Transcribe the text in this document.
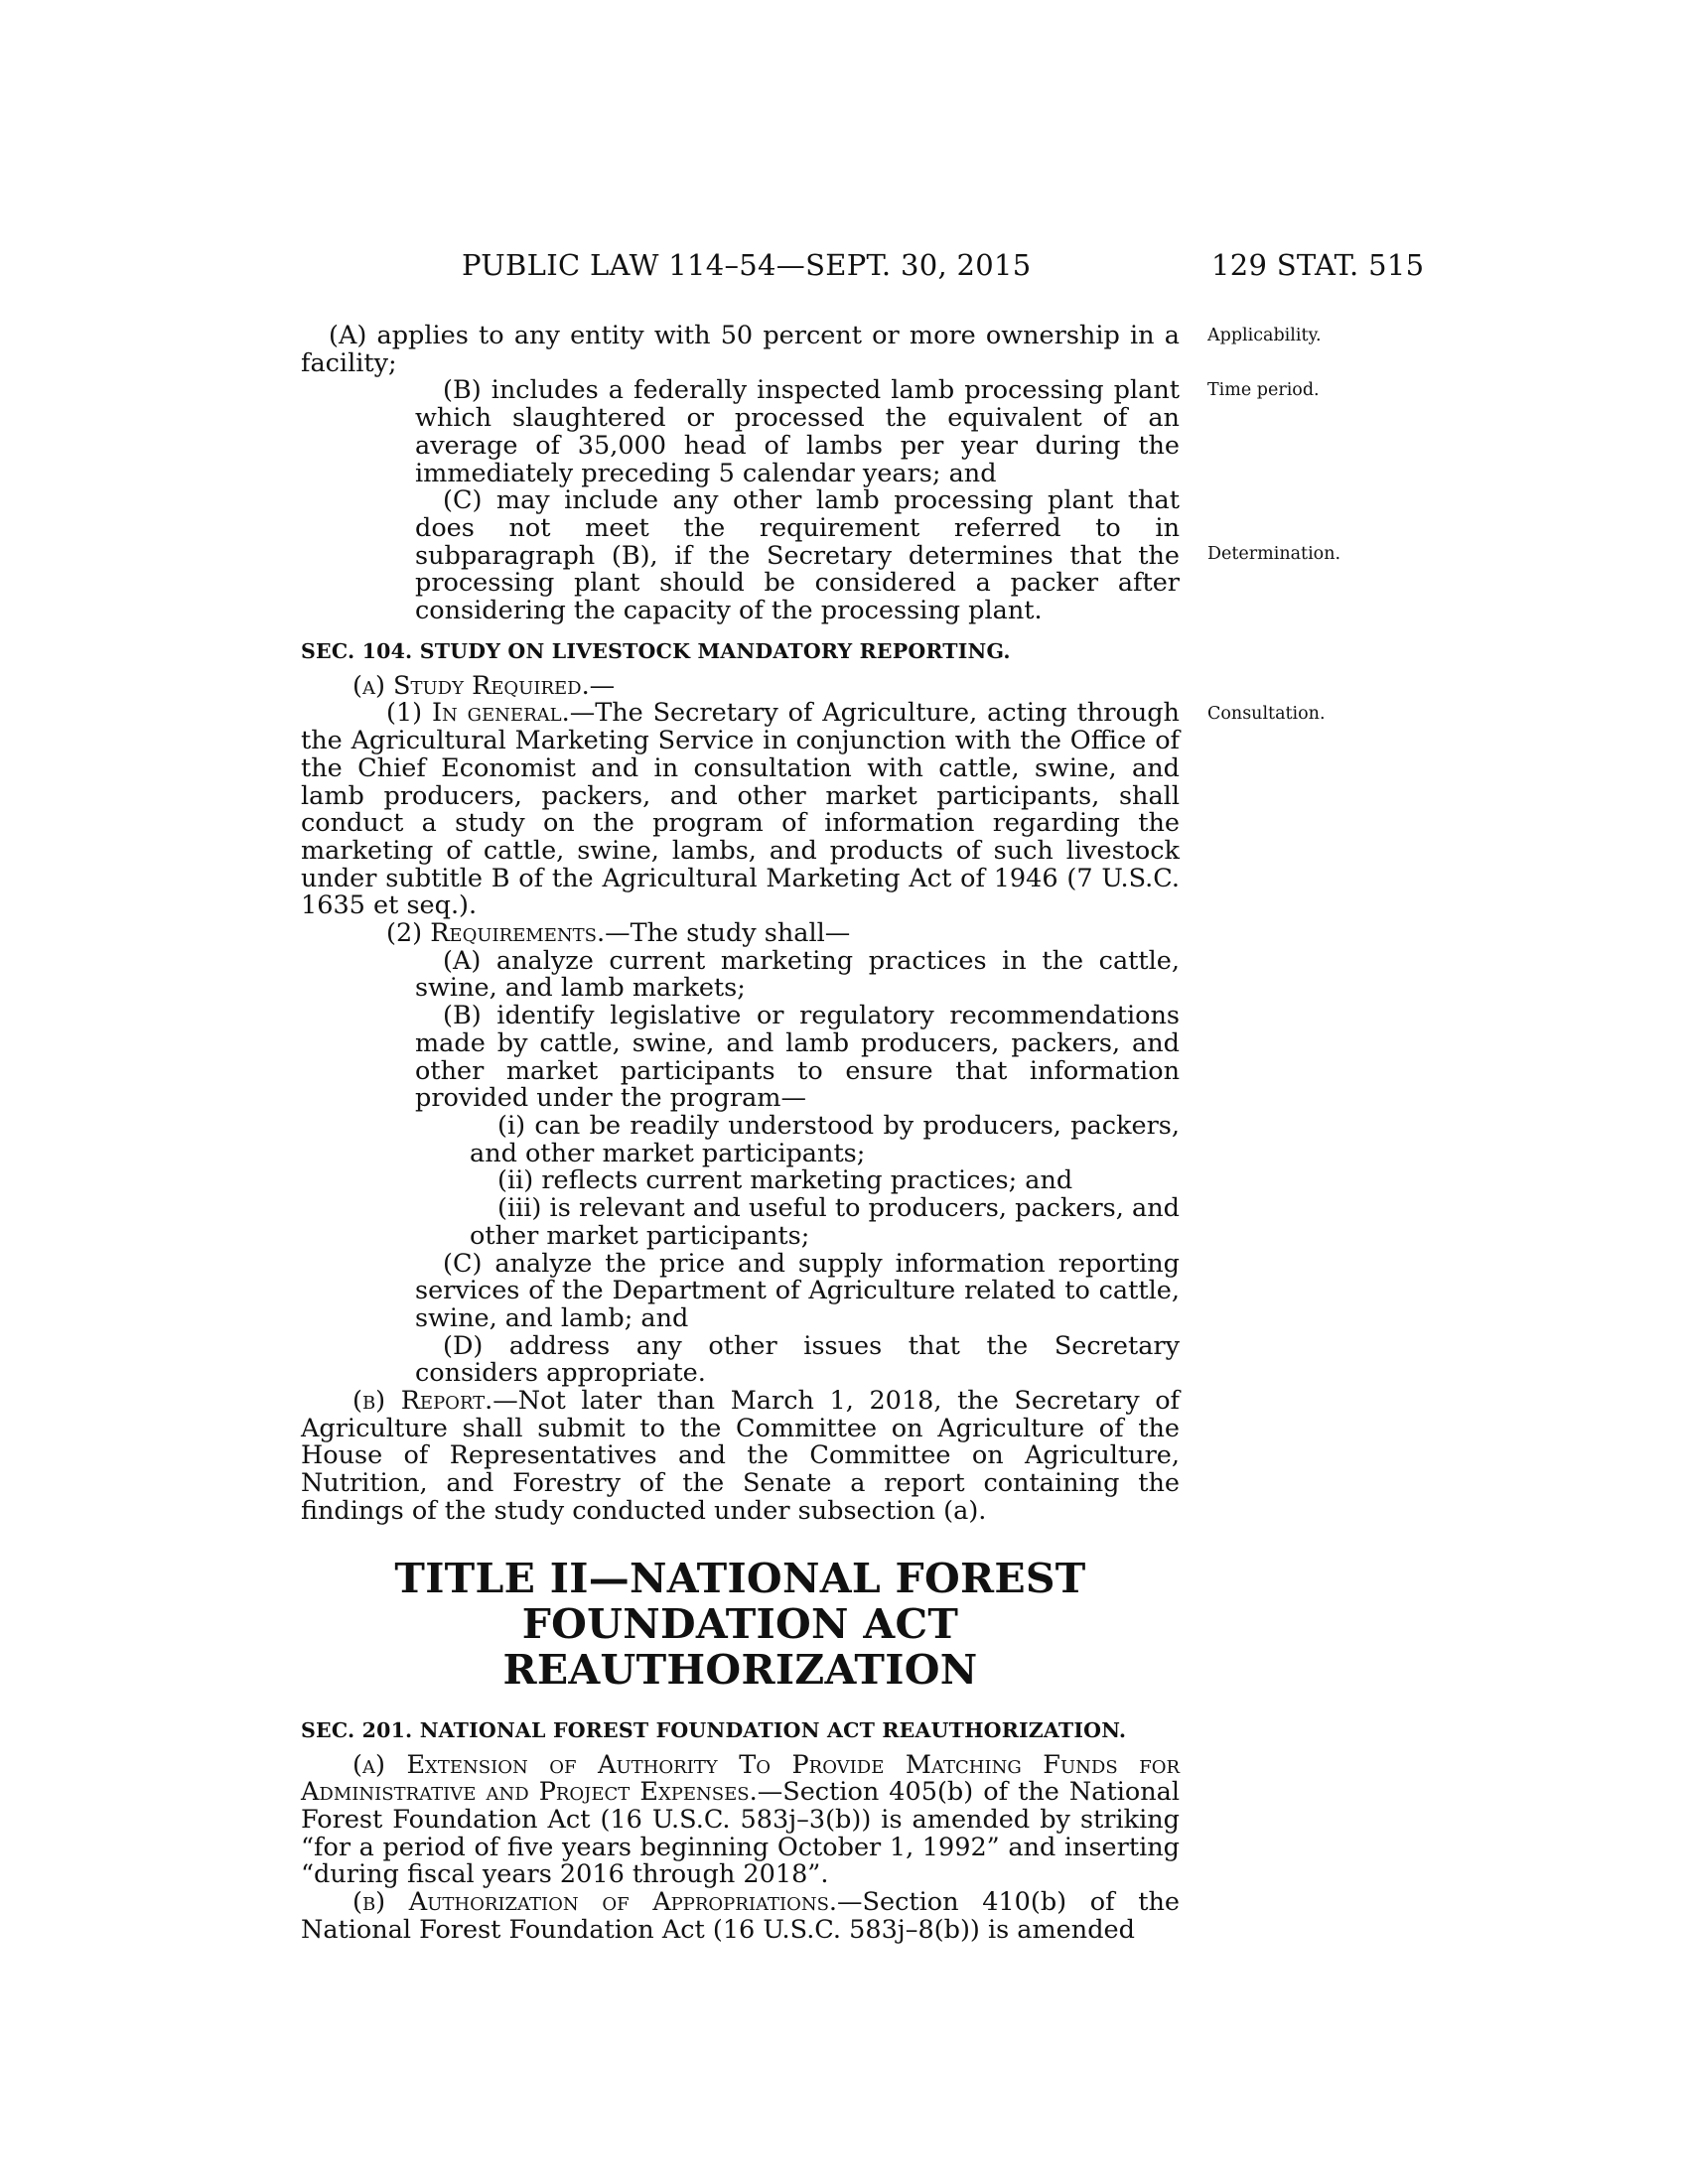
PUBLIC LAW 114–54—SEPT. 30, 2015	129 STAT. 515
Applicability.
Time period.
Determination.
Consultation.

(A) applies to any entity with 50 percent or more ownership in a facility;

(B) includes a federally inspected lamb processing plant which slaughtered or processed the equivalent of an average of 35,000 head of lambs per year during the immediately preceding 5 calendar years; and

(C) may include any other lamb processing plant that does not meet the requirement referred to in subparagraph (B), if the Secretary determines that the processing plant should be considered a packer after considering the capacity of the processing plant.

SEC. 104. STUDY ON LIVESTOCK MANDATORY REPORTING.

(a) Study Required.—

(1) In general.—The Secretary of Agriculture, acting through the Agricultural Marketing Service in conjunction with the Office of the Chief Economist and in consultation with cattle, swine, and lamb producers, packers, and other market participants, shall conduct a study on the program of information regarding the marketing of cattle, swine, lambs, and products of such livestock under subtitle B of the Agricultural Marketing Act of 1946 (7 U.S.C. 1635 et seq.).

(2) Requirements.—The study shall—

(A) analyze current marketing practices in the cattle, swine, and lamb markets;

(B) identify legislative or regulatory recommendations made by cattle, swine, and lamb producers, packers, and other market participants to ensure that information provided under the program—

(i) can be readily understood by producers, packers, and other market participants;

(ii) reflects current marketing practices; and

(iii) is relevant and useful to producers, packers, and other market participants;

(C) analyze the price and supply information reporting services of the Department of Agriculture related to cattle, swine, and lamb; and

(D) address any other issues that the Secretary considers appropriate.

(b) Report.—Not later than March 1, 2018, the Secretary of Agriculture shall submit to the Committee on Agriculture of the House of Representatives and the Committee on Agriculture, Nutrition, and Forestry of the Senate a report containing the findings of the study conducted under subsection (a).

TITLE II—NATIONAL FOREST
FOUNDATION ACT REAUTHORIZATION
SEC. 201. NATIONAL FOREST FOUNDATION ACT REAUTHORIZATION.

(a) Extension of Authority To Provide Matching Funds for Administrative and Project Expenses.—Section 405(b) of the National Forest Foundation Act (16 U.S.C. 583j–3(b)) is amended by striking “for a period of five years beginning October 1, 1992” and inserting “during fiscal years 2016 through 2018”.

(b) Authorization of Appropriations.—Section 410(b) of the National Forest Foundation Act (16 U.S.C. 583j–8(b)) is amended
